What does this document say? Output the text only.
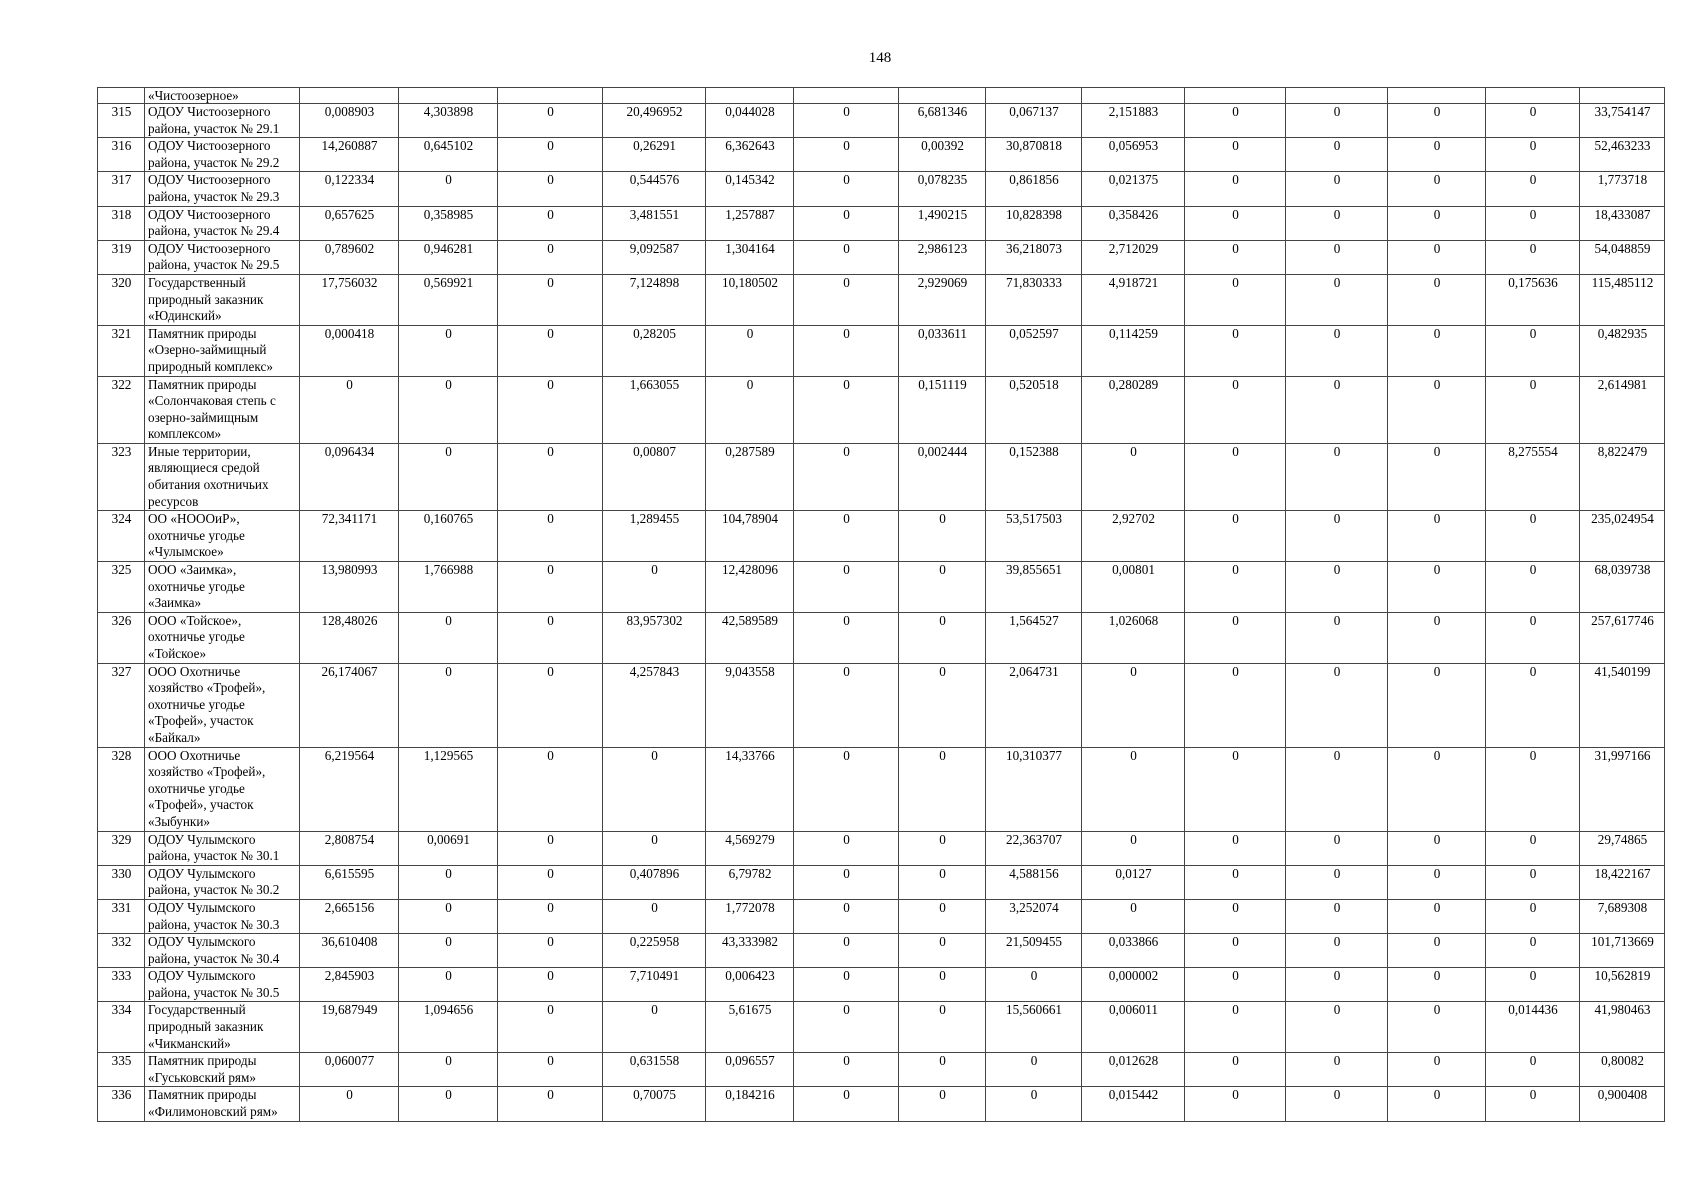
148
	«Чистоозерное»														
315	ОДОУ Чистоозерного
района, участок № 29.1	0,008903	4,303898	0	20,496952	0,044028	0	6,681346	0,067137	2,151883	0	0	0	0	33,754147
316	ОДОУ Чистоозерного
района, участок № 29.2	14,260887	0,645102	0	0,26291	6,362643	0	0,00392	30,870818	0,056953	0	0	0	0	52,463233
317	ОДОУ Чистоозерного
района, участок № 29.3	0,122334	0	0	0,544576	0,145342	0	0,078235	0,861856	0,021375	0	0	0	0	1,773718
318	ОДОУ Чистоозерного
района, участок № 29.4	0,657625	0,358985	0	3,481551	1,257887	0	1,490215	10,828398	0,358426	0	0	0	0	18,433087
319	ОДОУ Чистоозерного
района, участок № 29.5	0,789602	0,946281	0	9,092587	1,304164	0	2,986123	36,218073	2,712029	0	0	0	0	54,048859
320	Государственный
природный заказник
«Юдинский»	17,756032	0,569921	0	7,124898	10,180502	0	2,929069	71,830333	4,918721	0	0	0	0,175636	115,485112
321	Памятник природы
«Озерно-займищный
природный комплекс»	0,000418	0	0	0,28205	0	0	0,033611	0,052597	0,114259	0	0	0	0	0,482935
322	Памятник природы
«Солончаковая степь с
озерно-займищным
комплексом»	0	0	0	1,663055	0	0	0,151119	0,520518	0,280289	0	0	0	0	2,614981
323	Иные территории,
являющиеся средой
обитания охотничьих
ресурсов	0,096434	0	0	0,00807	0,287589	0	0,002444	0,152388	0	0	0	0	8,275554	8,822479
324	ОО «НОООиР»,
охотничье угодье
«Чулымское»	72,341171	0,160765	0	1,289455	104,78904	0	0	53,517503	2,92702	0	0	0	0	235,024954
325	ООО «Заимка»,
охотничье угодье
«Заимка»	13,980993	1,766988	0	0	12,428096	0	0	39,855651	0,00801	0	0	0	0	68,039738
326	ООО «Тойское»,
охотничье угодье
«Тойское»	128,48026	0	0	83,957302	42,589589	0	0	1,564527	1,026068	0	0	0	0	257,617746
327	ООО Охотничье
хозяйство «Трофей»,
охотничье угодье
«Трофей», участок
«Байкал»	26,174067	0	0	4,257843	9,043558	0	0	2,064731	0	0	0	0	0	41,540199
328	ООО Охотничье
хозяйство «Трофей»,
охотничье угодье
«Трофей», участок
«Зыбунки»	6,219564	1,129565	0	0	14,33766	0	0	10,310377	0	0	0	0	0	31,997166
329	ОДОУ Чулымского
района, участок № 30.1	2,808754	0,00691	0	0	4,569279	0	0	22,363707	0	0	0	0	0	29,74865
330	ОДОУ Чулымского
района, участок № 30.2	6,615595	0	0	0,407896	6,79782	0	0	4,588156	0,0127	0	0	0	0	18,422167
331	ОДОУ Чулымского
района, участок № 30.3	2,665156	0	0	0	1,772078	0	0	3,252074	0	0	0	0	0	7,689308
332	ОДОУ Чулымского
района, участок № 30.4	36,610408	0	0	0,225958	43,333982	0	0	21,509455	0,033866	0	0	0	0	101,713669
333	ОДОУ Чулымского
района, участок № 30.5	2,845903	0	0	7,710491	0,006423	0	0	0	0,000002	0	0	0	0	10,562819
334	Государственный
природный заказник
«Чикманский»	19,687949	1,094656	0	0	5,61675	0	0	15,560661	0,006011	0	0	0	0,014436	41,980463
335	Памятник природы
«Гуськовский рям»	0,060077	0	0	0,631558	0,096557	0	0	0	0,012628	0	0	0	0	0,80082
336	Памятник природы
«Филимоновский рям»	0	0	0	0,70075	0,184216	0	0	0	0,015442	0	0	0	0	0,900408
